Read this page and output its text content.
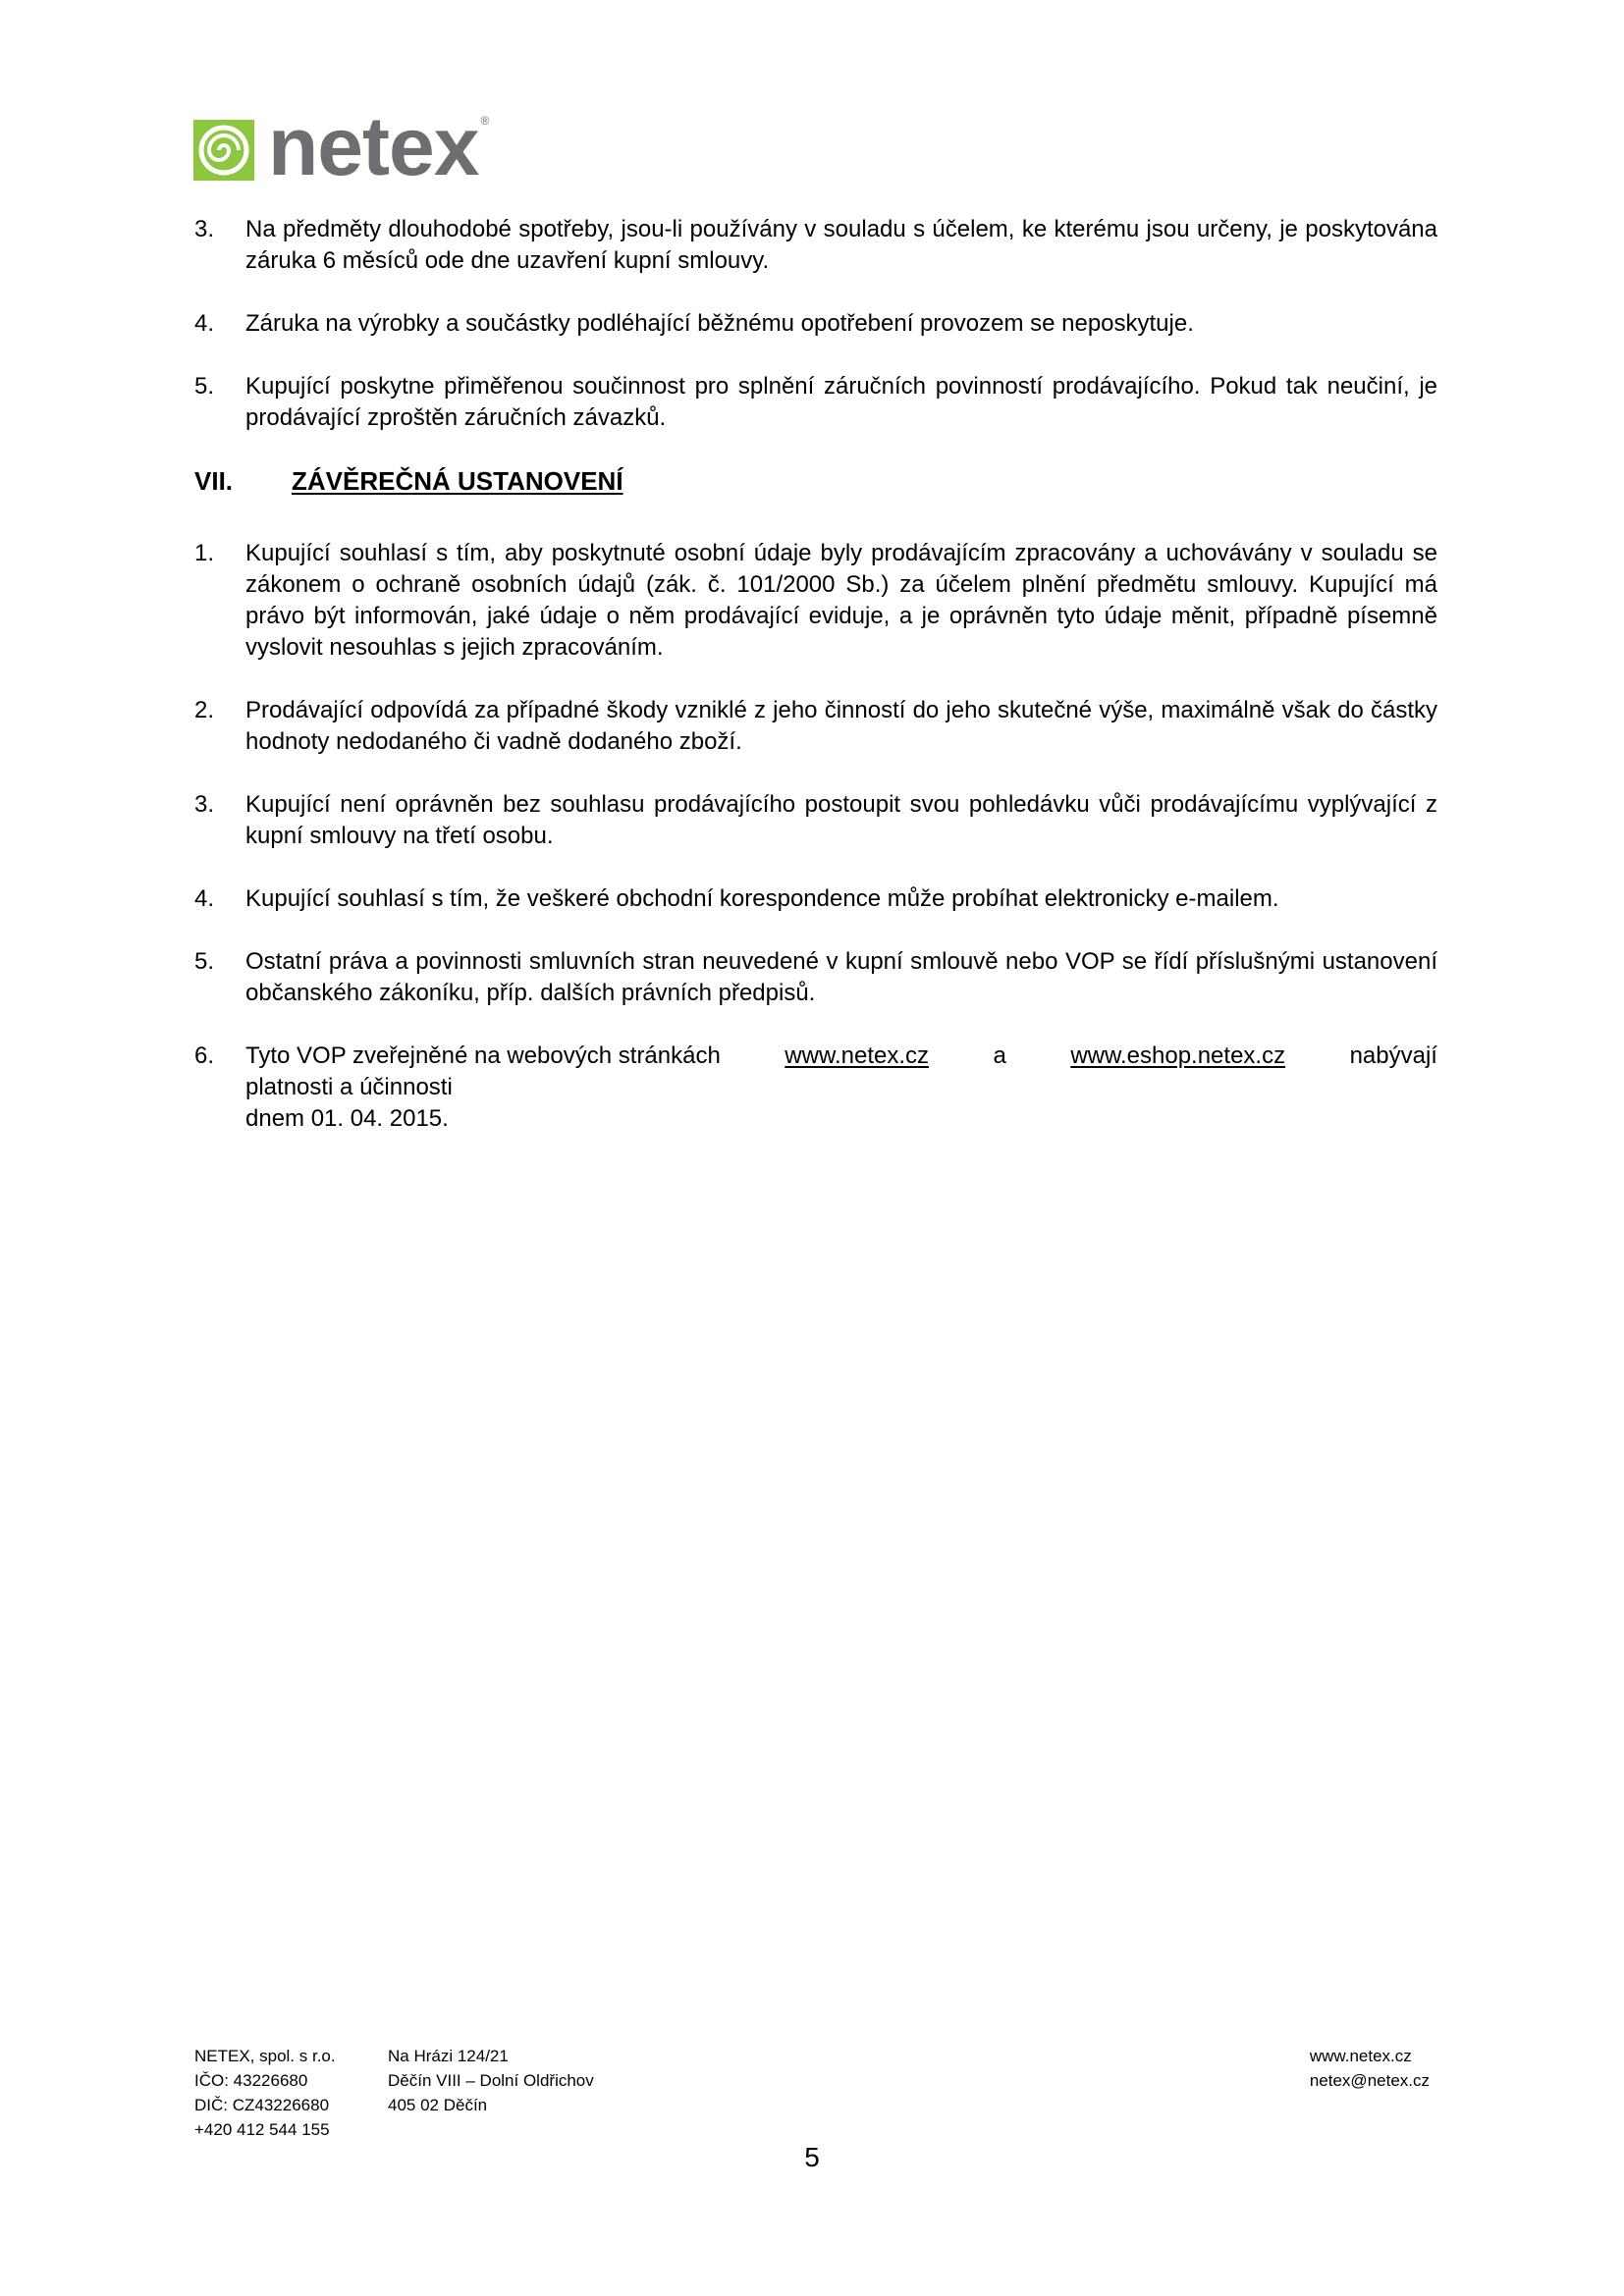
netex ®
3.	Na předměty dlouhodobé spotřeby, jsou-li používány v souladu s účelem, ke kterému jsou určeny, je poskytována záruka 6 měsíců ode dne uzavření kupní smlouvy.
4.	Záruka na výrobky a součástky podléhající běžnému opotřebení provozem se neposkytuje.
5.	Kupující poskytne přiměřenou součinnost pro splnění záručních povinností prodávajícího. Pokud tak neučiní, je prodávající zproštěn záručních závazků.
VII.	ZÁVĚREČNÁ USTANOVENÍ
1.	Kupující souhlasí s tím, aby poskytnuté osobní údaje byly prodávajícím zpracovány a uchovávány v souladu se zákonem o ochraně osobních údajů (zák. č. 101/2000 Sb.) za účelem plnění předmětu smlouvy. Kupující má právo být informován, jaké údaje o něm prodávající eviduje, a je oprávněn tyto údaje měnit, případně písemně vyslovit nesouhlas s jejich zpracováním.
2.	Prodávající odpovídá za případné škody vzniklé z jeho činností do jeho skutečné výše, maximálně však do částky hodnoty nedodaného či vadně dodaného zboží.
3.	Kupující není oprávněn bez souhlasu prodávajícího postoupit svou pohledávku vůči prodávajícímu vyplývající z kupní smlouvy na třetí osobu.
4.	Kupující souhlasí s tím, že veškeré obchodní korespondence může probíhat elektronicky e-mailem.
5.	Ostatní práva a povinnosti smluvních stran neuvedené v kupní smlouvě nebo VOP se řídí příslušnými ustanovení občanského zákoníku, příp. dalších právních předpisů.
6.	Tyto VOP zveřejněné na webových stránkách	www.netex.cz	a	www.eshop.netex.cz	nabývají
platnosti a účinnosti
dnem 01. 04. 2015.
NETEX, spol. s r.o.
IČO: 43226680
DIČ: CZ43226680
+420 412 544 155
Na Hrázi 124/21
Děčín VIII – Dolní Oldřichov
405 02 Děčín
www.netex.cz
netex@netex.cz
5
